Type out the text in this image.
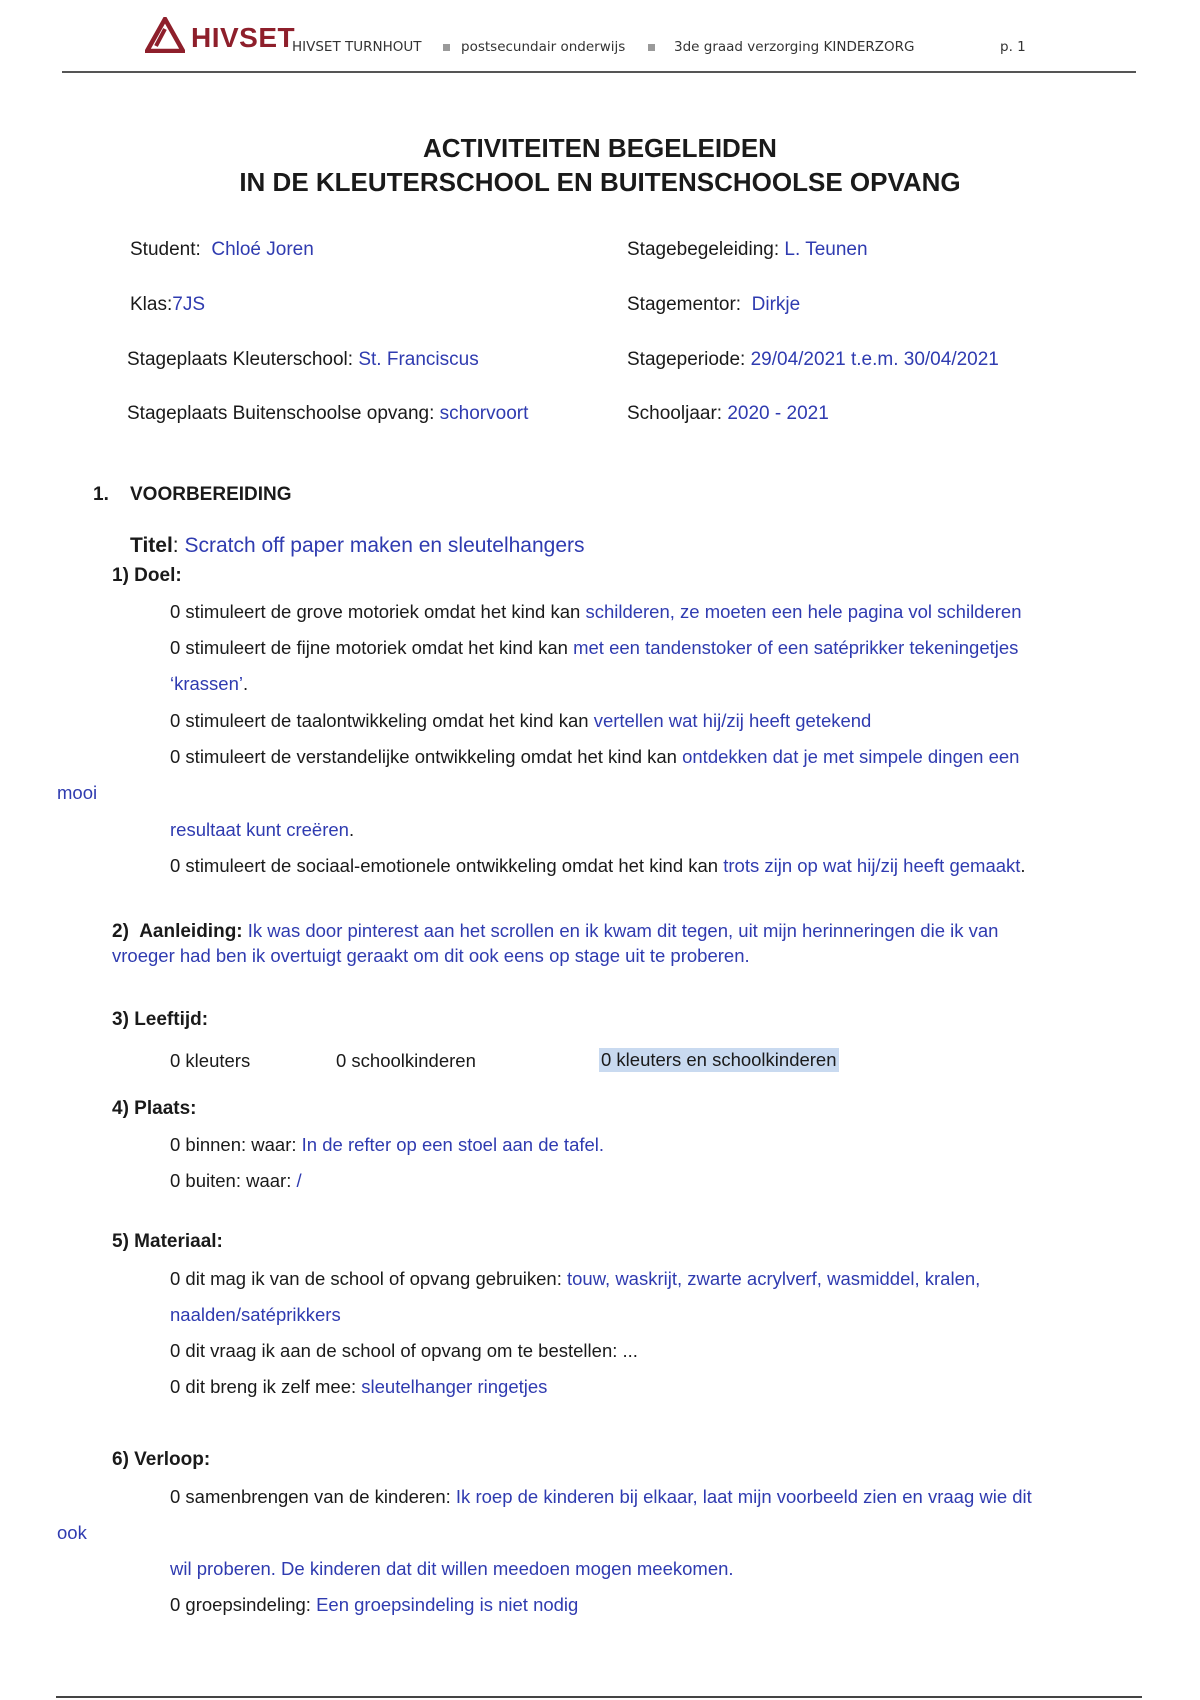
HIVSET
HIVSET TURNHOUT	postsecundair onderwijs	3de graad verzorging KINDERZORG	p. 1
ACTIVITEITEN BEGELEIDEN
IN DE KLEUTERSCHOOL EN BUITENSCHOOLSE OPVANG
Student: Chloé Joren
Klas:7JS
Stageplaats Kleuterschool: St. Franciscus
Stageplaats Buitenschoolse opvang: schorvoort
Stagebegeleiding: L. Teunen
Stagementor: Dirkje
Stageperiode: 29/04/2021 t.e.m. 30/04/2021
Schooljaar: 2020 - 2021
1. VOORBEREIDING
Titel: Scratch off paper maken en sleutelhangers
1) Doel:
0 stimuleert de grove motoriek omdat het kind kan schilderen, ze moeten een hele pagina vol schilderen
0 stimuleert de fijne motoriek omdat het kind kan met een tandenstoker of een satéprikker tekeningetjes
‘krassen’.
0 stimuleert de taalontwikkeling omdat het kind kan vertellen wat hij/zij heeft getekend
0 stimuleert de verstandelijke ontwikkeling omdat het kind kan ontdekken dat je met simpele dingen een
mooi
resultaat kunt creëren.
0 stimuleert de sociaal-emotionele ontwikkeling omdat het kind kan trots zijn op wat hij/zij heeft gemaakt.
2) Aanleiding: Ik was door pinterest aan het scrollen en ik kwam dit tegen, uit mijn herinneringen die ik van
vroeger had ben ik overtuigt geraakt om dit ook eens op stage uit te proberen.
3) Leeftijd:
0 kleuters	0 schoolkinderen	0 kleuters en schoolkinderen
4) Plaats:
0 binnen: waar: In de refter op een stoel aan de tafel.
0 buiten: waar: /
5) Materiaal:
0 dit mag ik van de school of opvang gebruiken: touw, waskrijt, zwarte acrylverf, wasmiddel, kralen,
naalden/satéprikkers
0 dit vraag ik aan de school of opvang om te bestellen: ...
0 dit breng ik zelf mee: sleutelhanger ringetjes
6) Verloop:
0 samenbrengen van de kinderen: Ik roep de kinderen bij elkaar, laat mijn voorbeeld zien en vraag wie dit
ook
wil proberen. De kinderen dat dit willen meedoen mogen meekomen.
0 groepsindeling: Een groepsindeling is niet nodig
